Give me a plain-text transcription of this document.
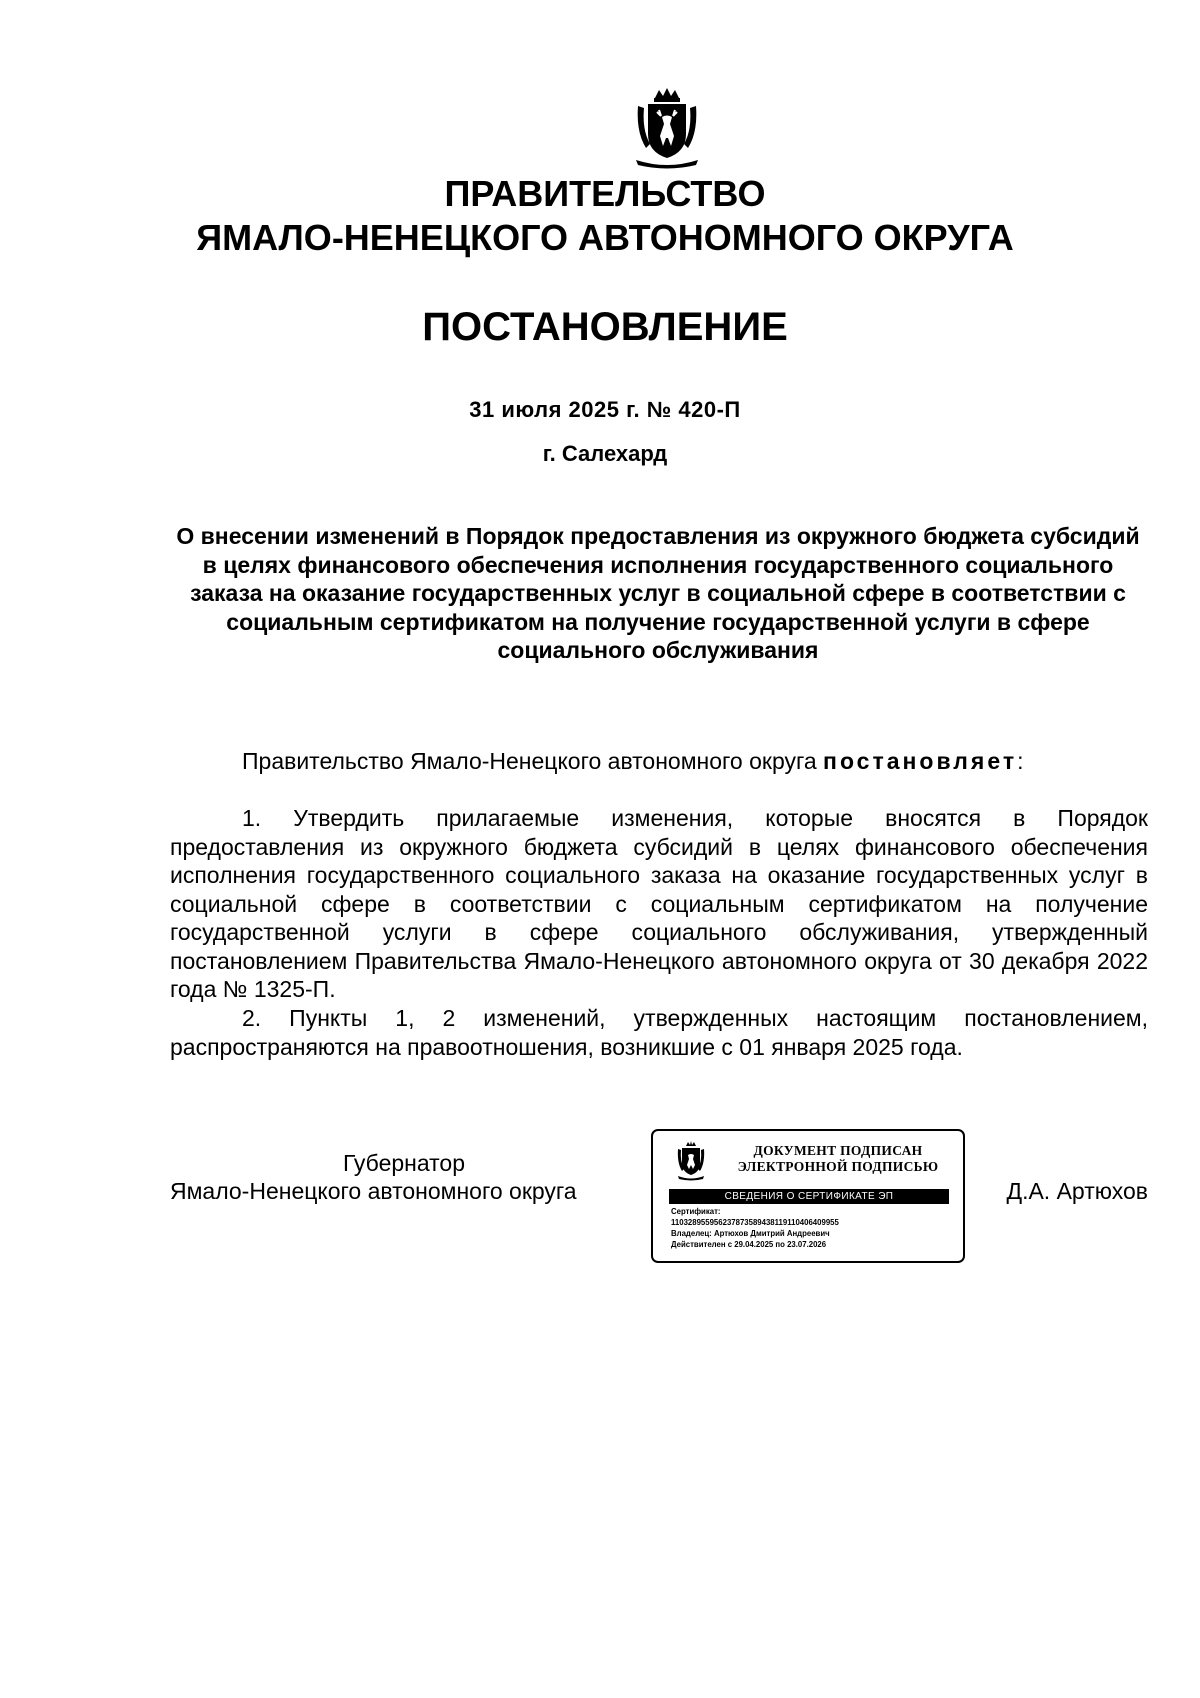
ПРАВИТЕЛЬСТВО
ЯМАЛО-НЕНЕЦКОГО АВТОНОМНОГО ОКРУГА
ПОСТАНОВЛЕНИЕ
31 июля 2025 г. № 420-П
г. Салехард
О внесении изменений в Порядок предоставления из окружного бюджета субсидий в целях финансового обеспечения исполнения государственного социального заказа на оказание государственных услуг в социальной сфере в соответствии с социальным сертификатом на получение государственной услуги в сфере социального обслуживания
Правительство Ямало-Ненецкого автономного округа постановляет:
1. Утвердить прилагаемые изменения, которые вносятся в Порядок предоставления из окружного бюджета субсидий в целях финансового обеспечения исполнения государственного социального заказа на оказание государственных услуг в социальной сфере в соответствии с социальным сертификатом на получение государственной услуги в сфере социального обслуживания, утвержденный постановлением Правительства Ямало-Ненецкого автономного округа от 30 декабря 2022 года № 1325-П.
2. Пункты 1, 2 изменений, утвержденных настоящим постановлением, распространяются на правоотношения, возникшие с 01 января 2025 года.
Губернатор
Ямало-Ненецкого автономного округа
ДОКУМЕНТ ПОДПИСАН
ЭЛЕКТРОННОЙ ПОДПИСЬЮ
СВЕДЕНИЯ О СЕРТИФИКАТЕ ЭП
Сертификат:
110328955956237873589438119110406409955
Владелец: Артюхов Дмитрий Андреевич
Действителен с 29.04.2025 по 23.07.2026
Д.А. Артюхов
